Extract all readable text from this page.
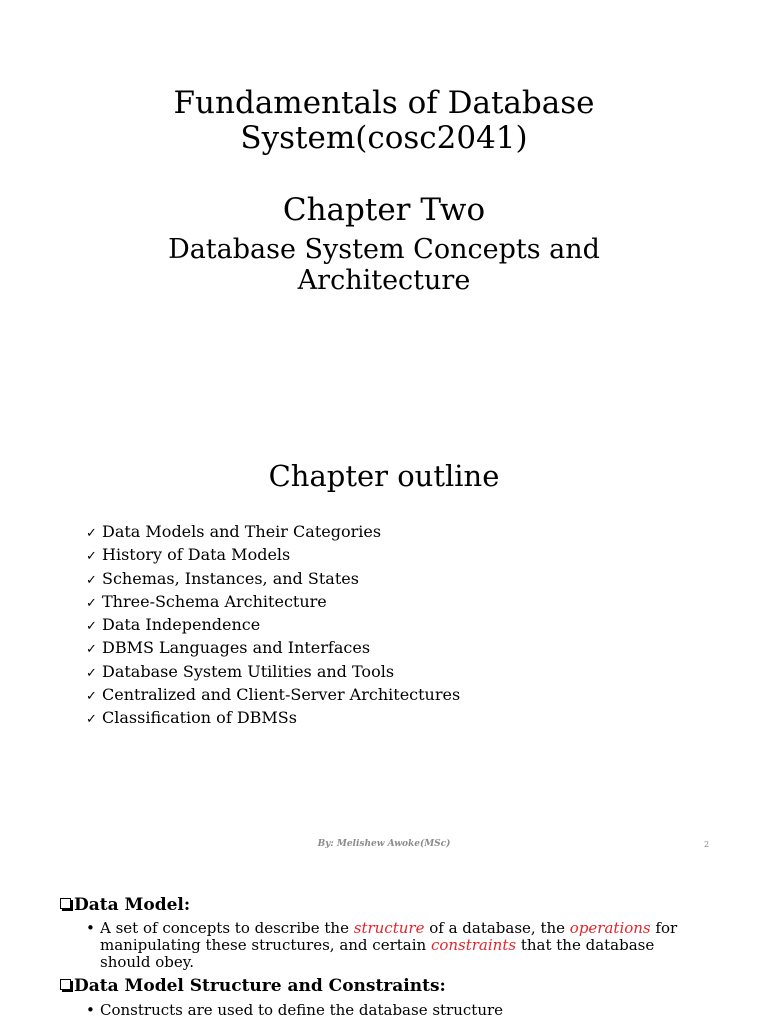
Fundamentals of Database
System(cosc2041)
Chapter Two
Database System Concepts and
Architecture
Chapter outline
✓ Data Models and Their Categories
✓ History of Data Models
✓ Schemas, Instances, and States
✓ Three-Schema Architecture
✓ Data Independence
✓ DBMS Languages and Interfaces
✓ Database System Utilities and Tools
✓ Centralized and Client-Server Architectures
✓ Classification of DBMSs
By: Melishew Awoke(MSc)	2
Data Model:
• A set of concepts to describe the structure of a database, the operations for
manipulating these structures, and certain constraints that the database
should obey.
Data Model Structure and Constraints:
• Constructs are used to define the database structure
